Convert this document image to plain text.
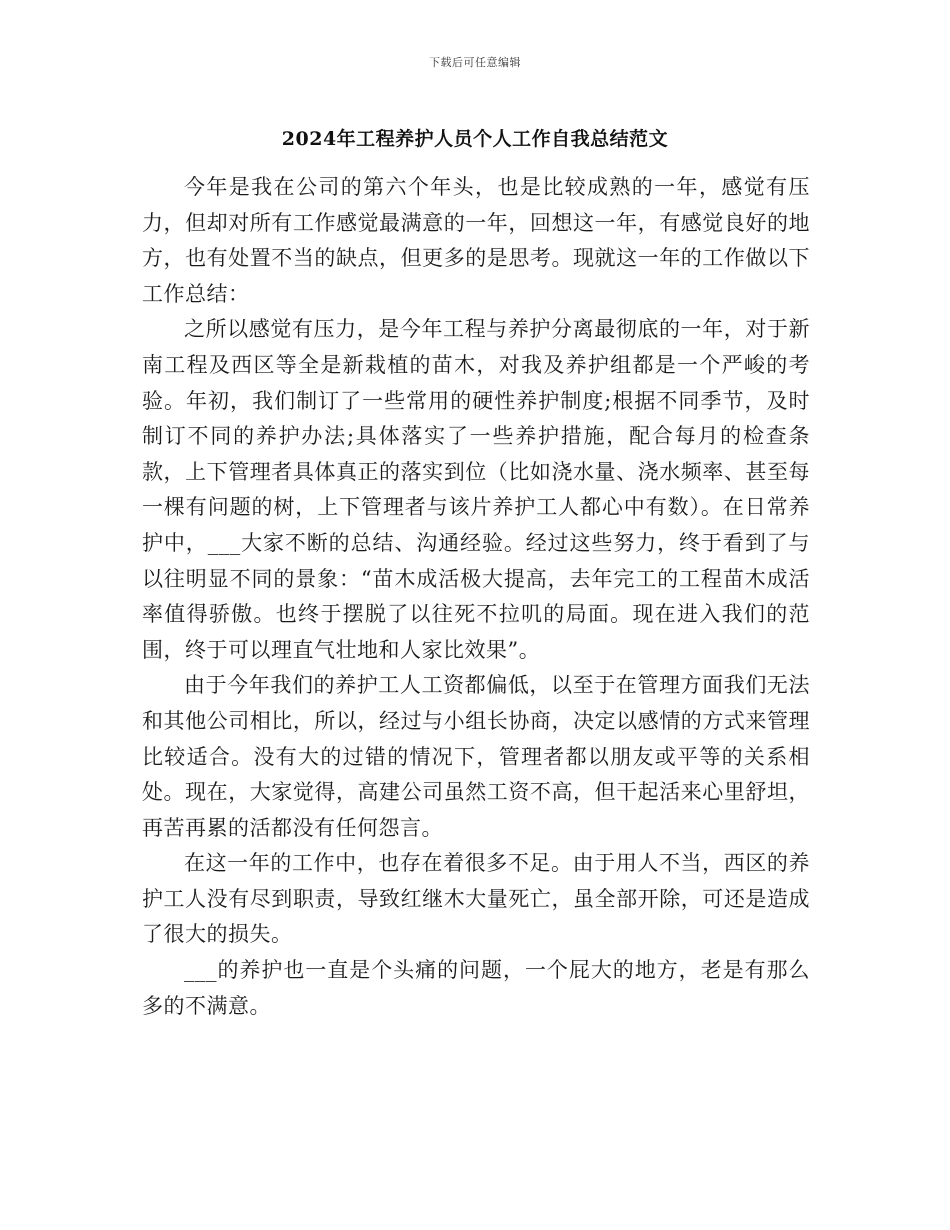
下载后可任意编辑
2024年工程养护人员个人工作自我总结范文

今年是我在公司的第六个年头，也是比较成熟的一年，感觉有压力，但却对所有工作感觉最满意的一年，回想这一年，有感觉良好的地方，也有处置不当的缺点，但更多的是思考。现就这一年的工作做以下工作总结：

之所以感觉有压力，是今年工程与养护分离最彻底的一年，对于新南工程及西区等全是新栽植的苗木，对我及养护组都是一个严峻的考验。年初，我们制订了一些常用的硬性养护制度;根据不同季节，及时制订不同的养护办法;具体落实了一些养护措施，配合每月的检查条款，上下管理者具体真正的落实到位（比如浇水量、浇水频率、甚至每一棵有问题的树，上下管理者与该片养护工人都心中有数）。在日常养护中，___大家不断的总结、沟通经验。经过这些努力，终于看到了与以往明显不同的景象：“苗木成活极大提高，去年完工的工程苗木成活率值得骄傲。也终于摆脱了以往死不拉叽的局面。现在进入我们的范围，终于可以理直气壮地和人家比效果”。

由于今年我们的养护工人工资都偏低，以至于在管理方面我们无法和其他公司相比，所以，经过与小组长协商，决定以感情的方式来管理比较适合。没有大的过错的情况下，管理者都以朋友或平等的关系相处。现在，大家觉得，高建公司虽然工资不高，但干起活来心里舒坦，再苦再累的活都没有任何怨言。

在这一年的工作中，也存在着很多不足。由于用人不当，西区的养护工人没有尽到职责，导致红继木大量死亡，虽全部开除，可还是造成了很大的损失。

___的养护也一直是个头痛的问题，一个屁大的地方，老是有那么多的不满意。
